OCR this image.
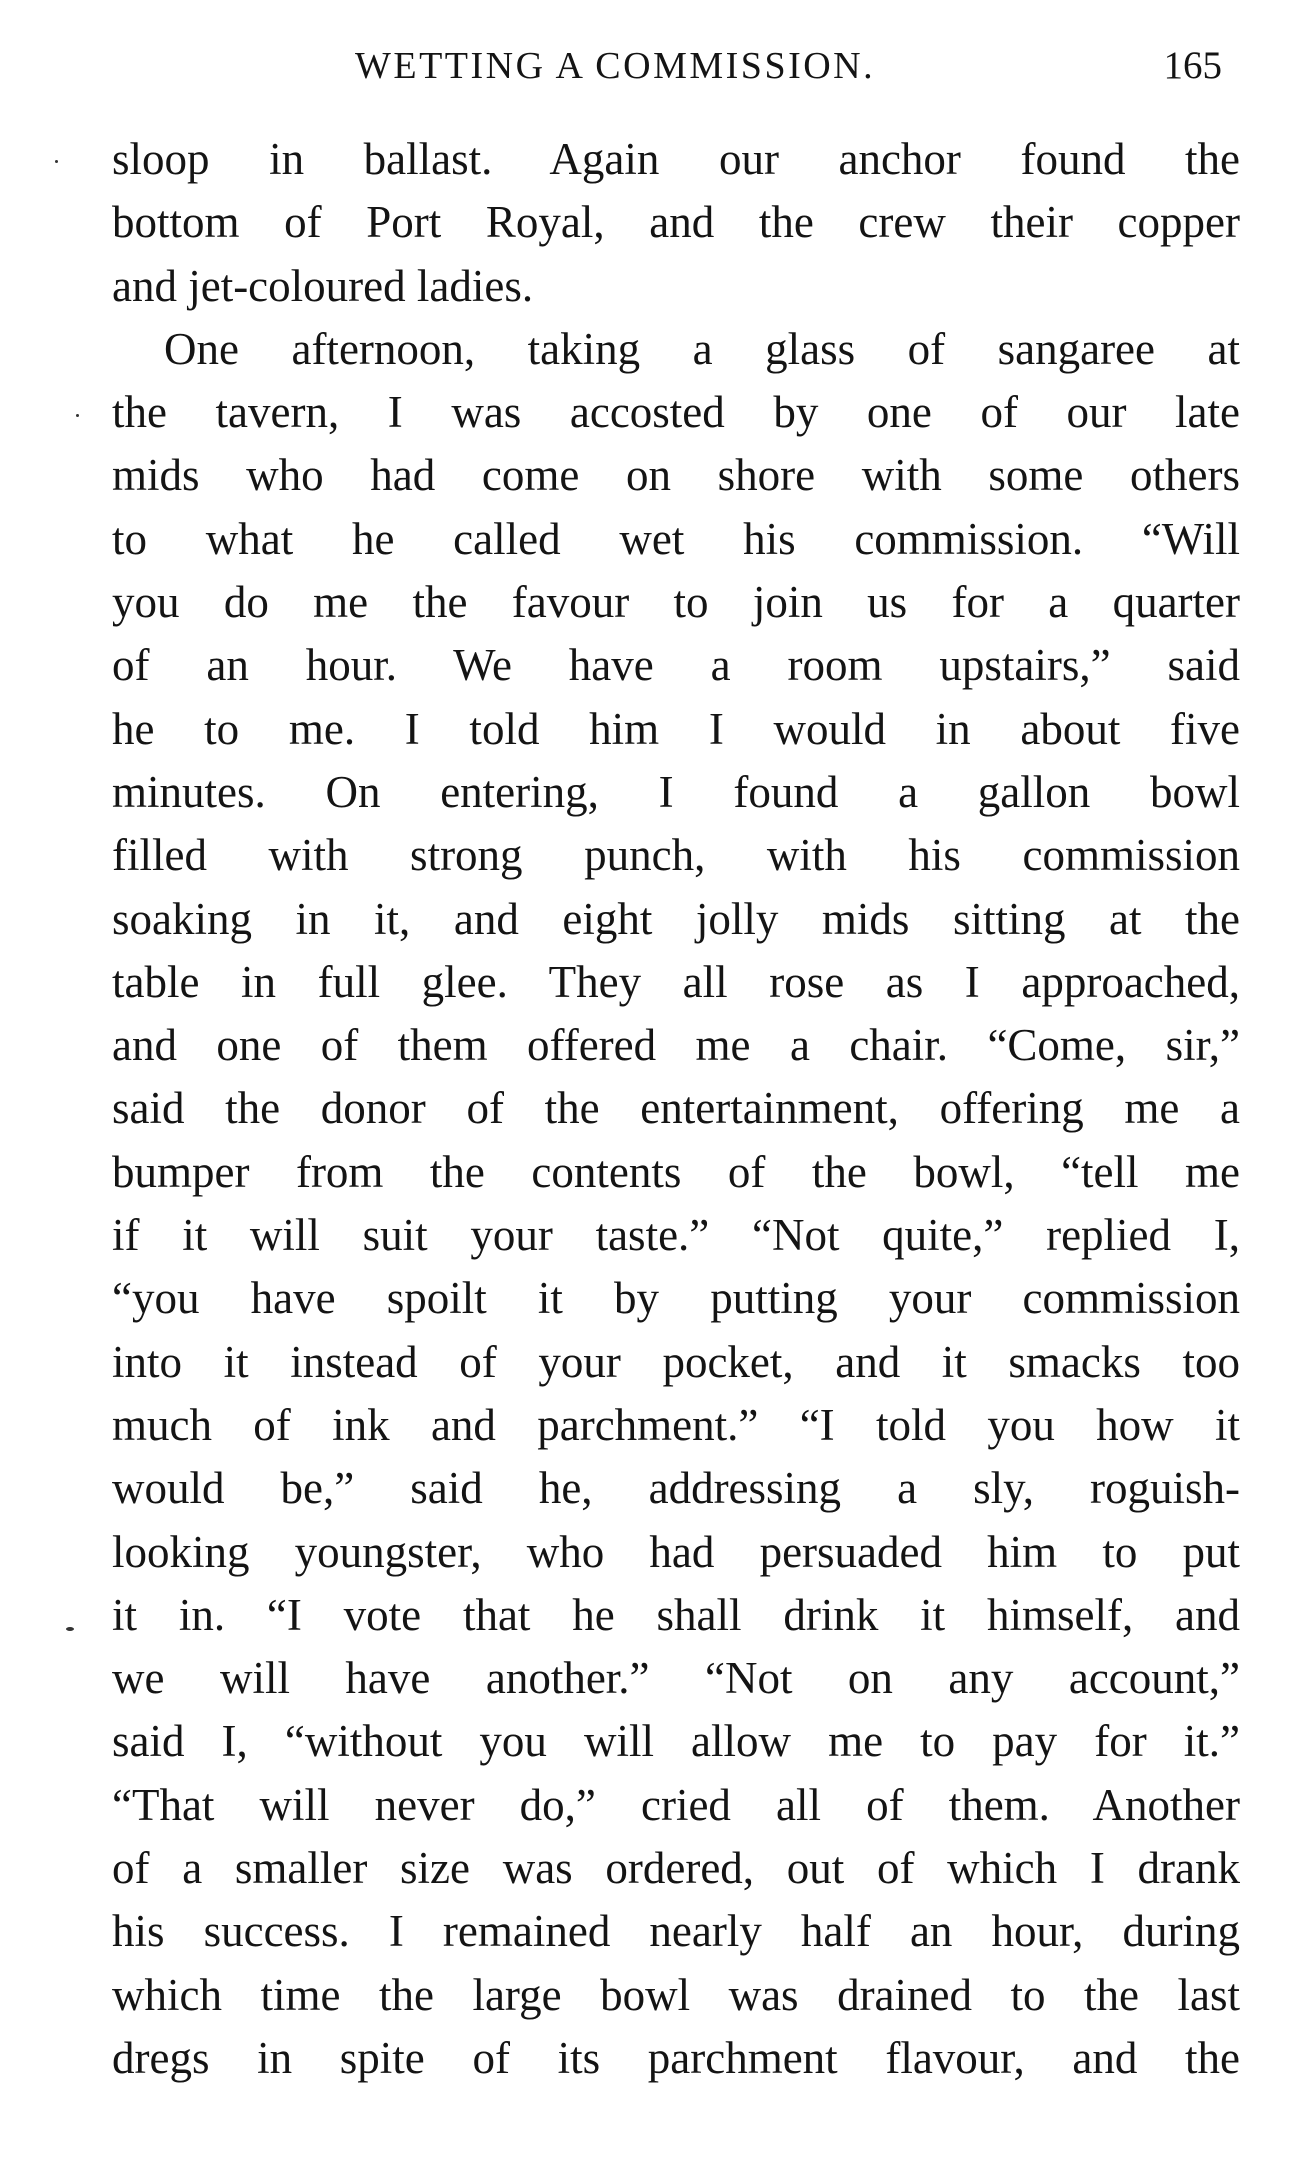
WETTING A COMMISSION.	165
sloop in ballast. Again our anchor found the
bottom of Port Royal, and the crew their copper
and jet-coloured ladies.
One afternoon, taking a glass of sangaree at
the tavern, I was accosted by one of our late
mids who had come on shore with some others
to what he called wet his commission. “Will
you do me the favour to join us for a quarter
of an hour. We have a room upstairs,” said
he to me. I told him I would in about five
minutes. On entering, I found a gallon bowl
filled with strong punch, with his commission
soaking in it, and eight jolly mids sitting at the
table in full glee. They all rose as I approached,
and one of them offered me a chair. “Come, sir,”
said the donor of the entertainment, offering me a
bumper from the contents of the bowl, “tell me
if it will suit your taste.” “Not quite,” replied I,
“you have spoilt it by putting your commission
into it instead of your pocket, and it smacks too
much of ink and parchment.” “I told you how it
would be,” said he, addressing a sly, roguish-
looking youngster, who had persuaded him to put
it in. “I vote that he shall drink it himself, and
we will have another.” “Not on any account,”
said I, “without you will allow me to pay for it.”
“That will never do,” cried all of them. Another
of a smaller size was ordered, out of which I drank
his success. I remained nearly half an hour, during
which time the large bowl was drained to the last
dregs in spite of its parchment flavour, and the
